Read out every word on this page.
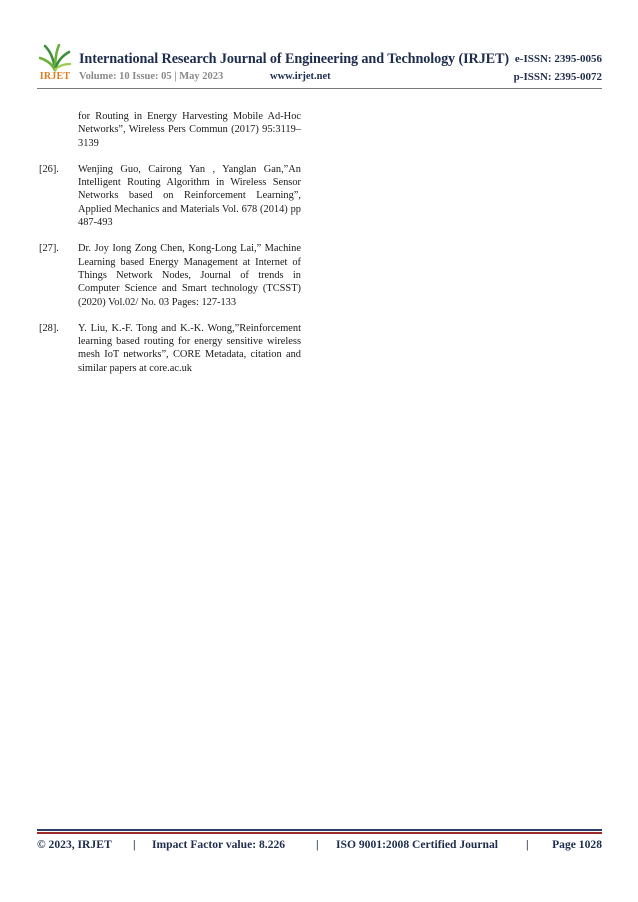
IRJET
International Research Journal of Engineering and Technology (IRJET) e-ISSN: 2395-0056
Volume: 10 Issue: 05 | May 2023	www.irjet.net	p-ISSN: 2395-0072
for Routing in Energy Harvesting Mobile Ad-Hoc Networks”, Wireless Pers Commun (2017) 95:3119–3139
[26].	Wenjing Guo, Cairong Yan , Yanglan Gan,”An Intelligent Routing Algorithm in Wireless Sensor Networks based on Reinforcement Learning”, Applied Mechanics and Materials Vol. 678 (2014) pp 487-493
[27].	Dr. Joy Iong Zong Chen, Kong-Long Lai,” Machine Learning based Energy Management at Internet of Things Network Nodes, Journal of trends in Computer Science and Smart technology (TCSST) (2020) Vol.02/ No. 03 Pages: 127-133
[28].	Y. Liu, K.-F. Tong and K.-K. Wong,”Reinforcement learning based routing for energy sensitive wireless mesh IoT networks”, CORE Metadata, citation and similar papers at core.ac.uk
© 2023, IRJET | Impact Factor value: 8.226	| ISO 9001:2008 Certified Journal | Page 1028
